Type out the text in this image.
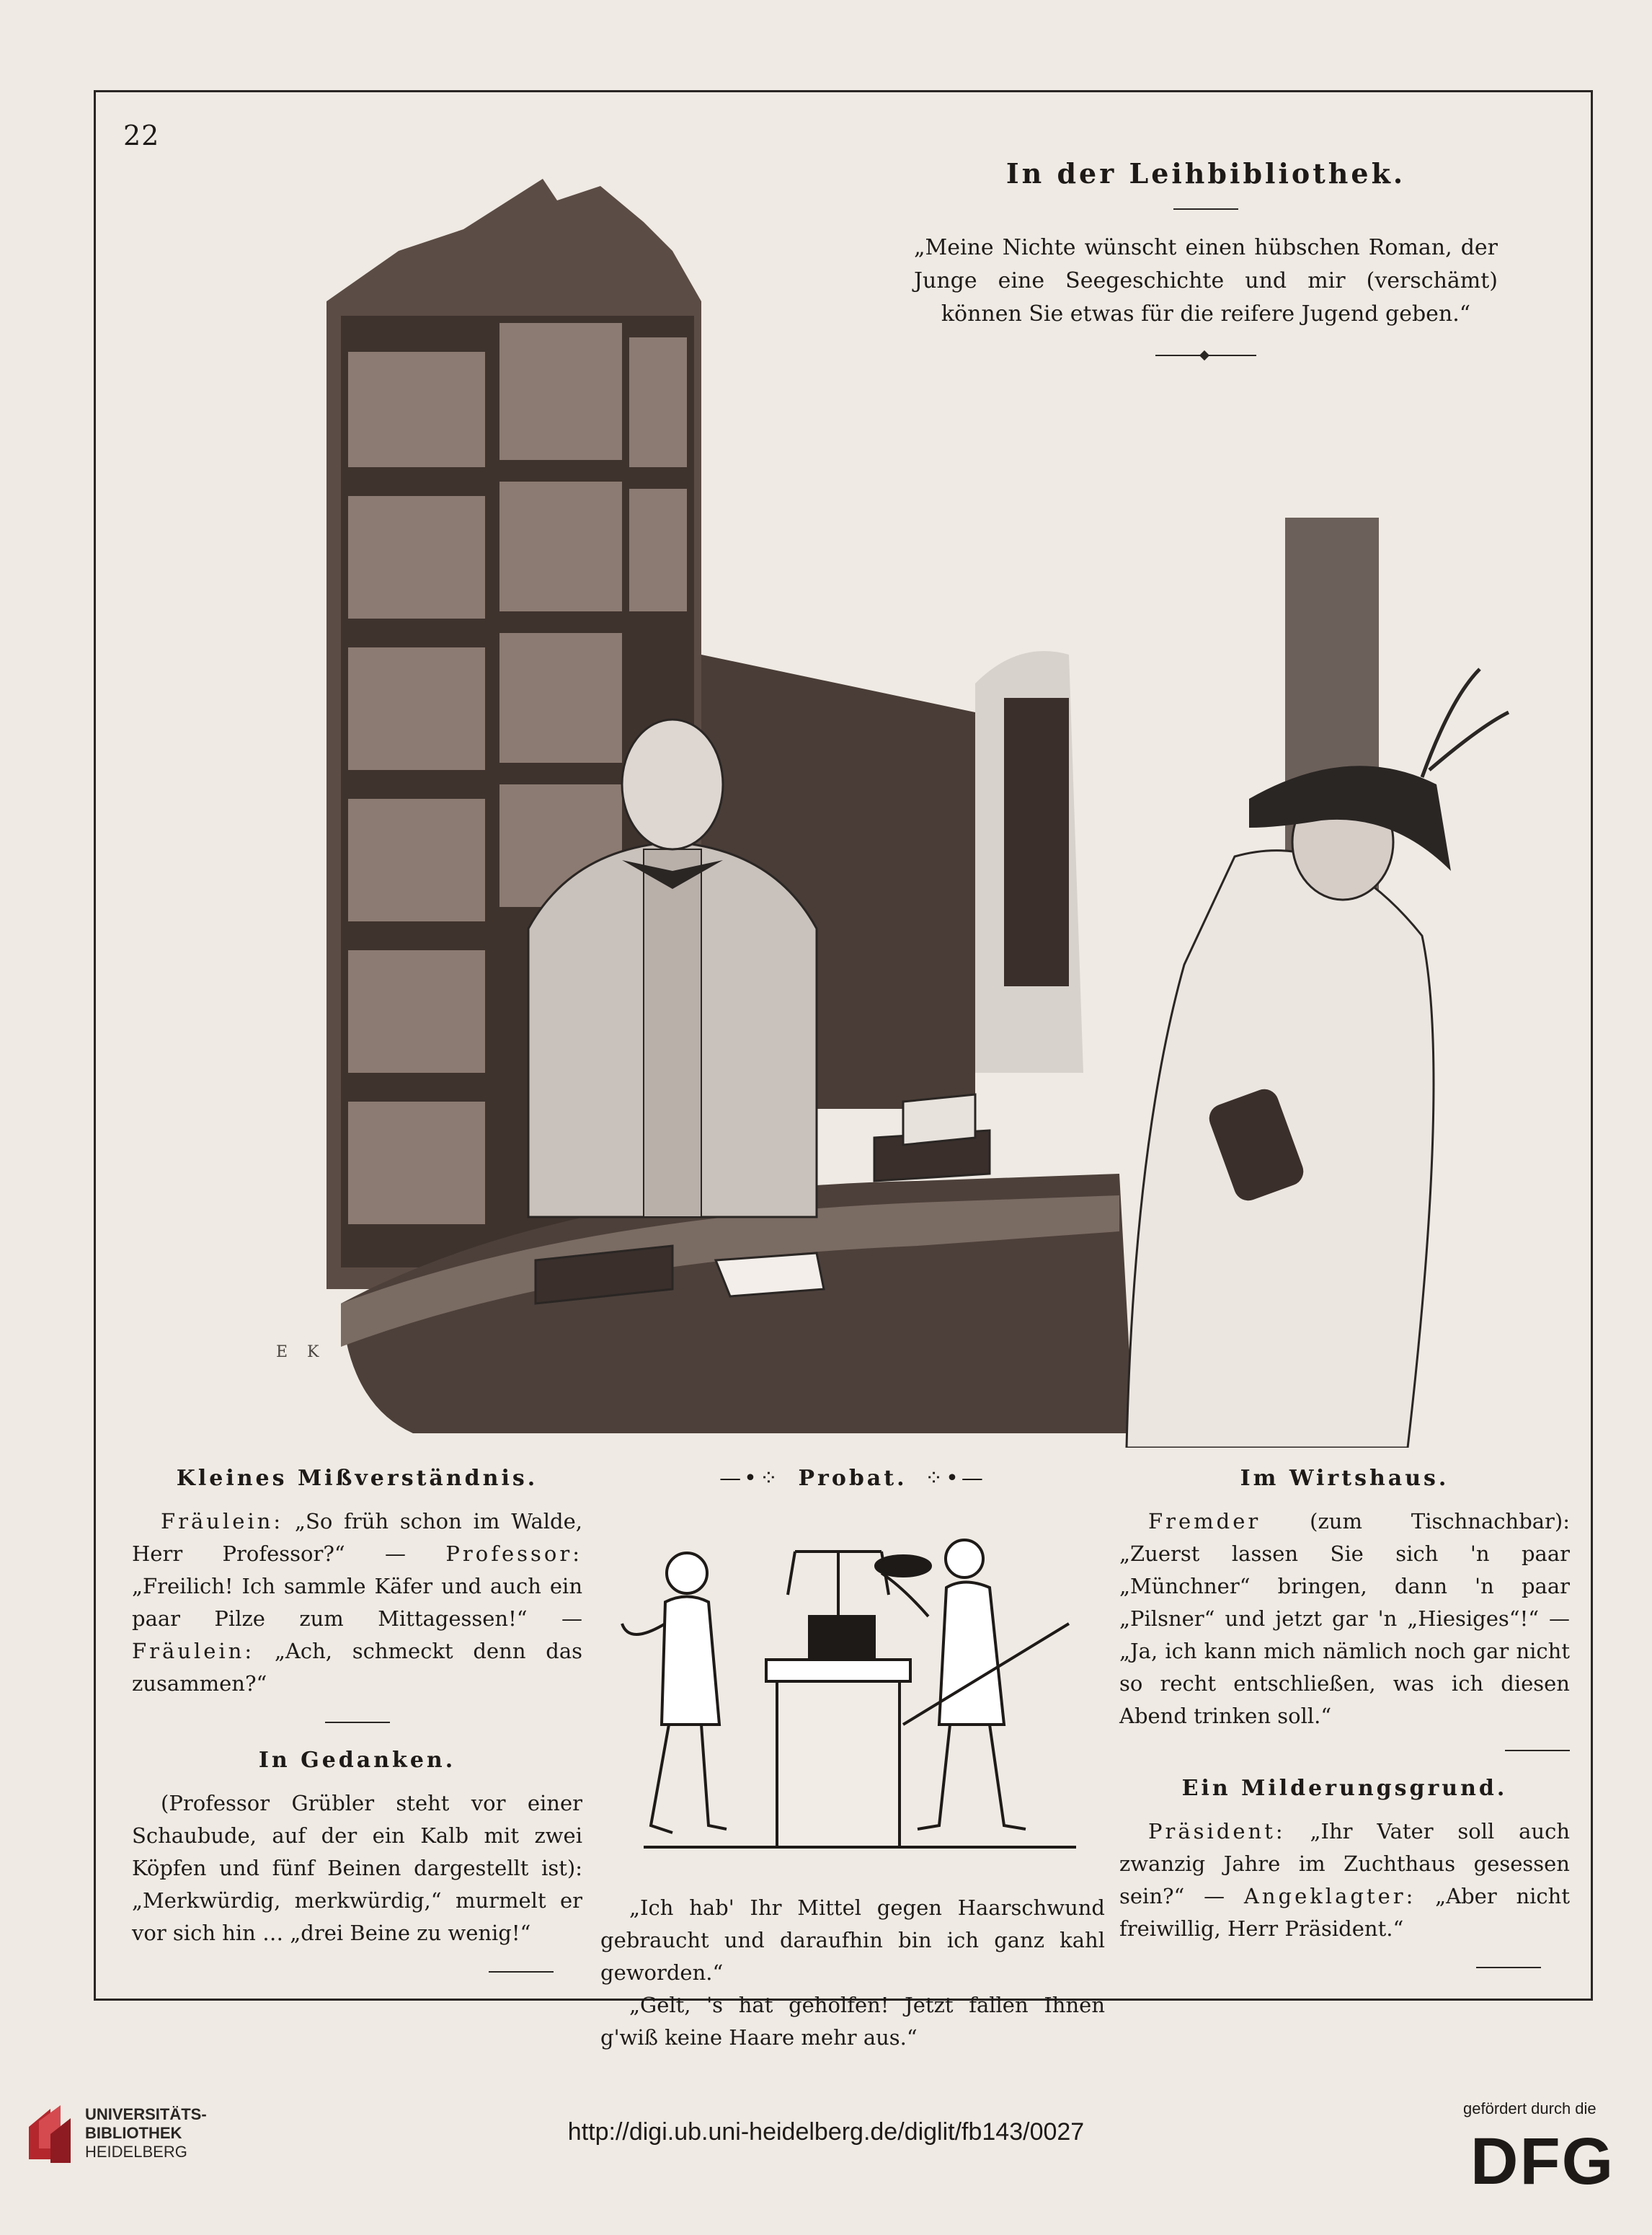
22
In der Leihbibliothek.
„Meine Nichte wünscht einen hübschen Roman, der Junge eine Seegeschichte und mir (verschämt) können Sie etwas für die reifere Jugend geben.“
E K
Kleines Mißverständnis.
Fräulein: „So früh schon im Walde, Herr Professor?“ — Professor: „Freilich! Ich sammle Käfer und auch ein paar Pilze zum Mittagessen!“ — Fräulein: „Ach, schmeckt denn das zusammen?“
In Gedanken.
(Professor Grübler steht vor einer Schaubude, auf der ein Kalb mit zwei Köpfen und fünf Beinen dargestellt ist): „Merkwürdig, merkwürdig,“ murmelt er vor sich hin … „drei Beine zu wenig!“
—•⁘ Probat. ⁘•—
„Ich hab' Ihr Mittel gegen Haarschwund gebraucht und daraufhin bin ich ganz kahl geworden.“
„Gelt, 's hat geholfen! Jetzt fallen Ihnen g'wiß keine Haare mehr aus.“
Im Wirtshaus.
Fremder (zum Tischnachbar): „Zuerst lassen Sie sich 'n paar „Münchner“ bringen, dann 'n paar „Pilsner“ und jetzt gar 'n „Hiesiges“!“ — „Ja, ich kann mich nämlich noch gar nicht so recht entschließen, was ich diesen Abend trinken soll.“
Ein Milderungsgrund.
Präsident: „Ihr Vater soll auch zwanzig Jahre im Zuchthaus gesessen sein?“ — Angeklagter: „Aber nicht freiwillig, Herr Präsident.“
UNIVERSITÄTS-
BIBLIOTHEK
HEIDELBERG
http://digi.ub.uni-heidelberg.de/diglit/fb143/0027
gefördert durch die
DFG
